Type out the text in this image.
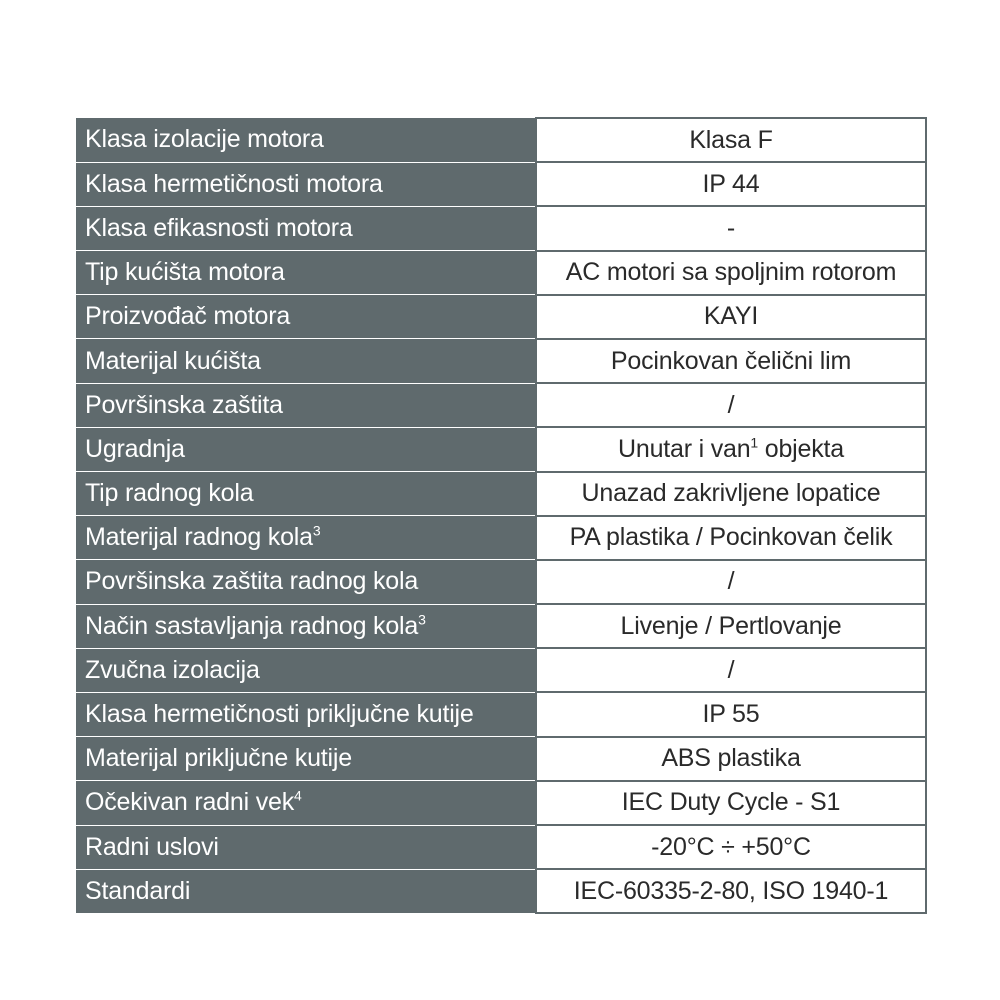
Klasa izolacije motora	Klasa F
Klasa hermetičnosti motora	IP 44
Klasa efikasnosti motora	-
Tip kućišta motora	AC motori sa spoljnim rotorom
Proizvođač motora	KAYI
Materijal kućišta	Pocinkovan čelični lim
Površinska zaštita	/
Ugradnja	Unutar i van$^1$ objekta
Tip radnog kola	Unazad zakrivljene lopatice
Materijal radnog kola$^3$	PA plastika / Pocinkovan čelik
Površinska zaštita radnog kola	/
Način sastavljanja radnog kola$^3$	Livenje / Pertlovanje
Zvučna izolacija	/
Klasa hermetičnosti priključne kutije	IP 55
Materijal priključne kutije	ABS plastika
Očekivan radni vek$^4$	IEC Duty Cycle - S1
Radni uslovi	-20°C ÷ +50°C
Standardi	IEC-60335-2-80, ISO 1940-1
